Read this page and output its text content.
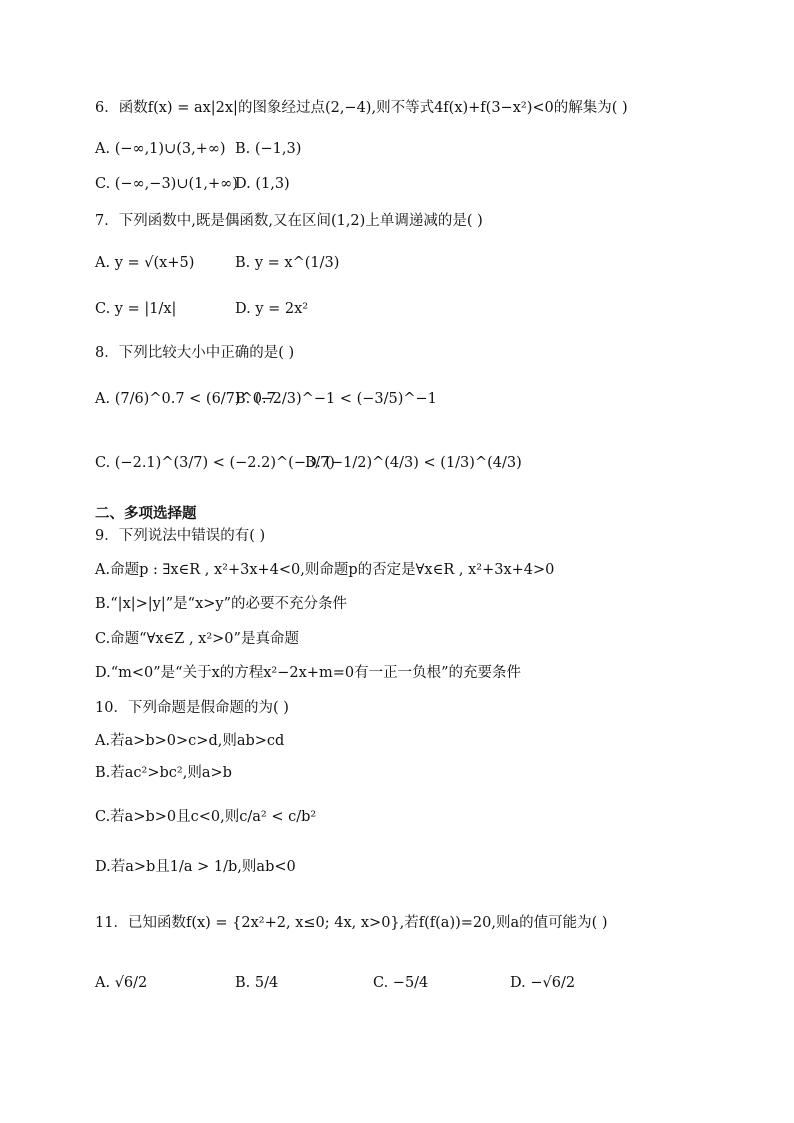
6．函数f(x) = ax|2x|的图象经过点(2,−4),则不等式4f(x)+f(3−x²)<0的解集为( )
A. (−∞,1)∪(3,+∞) B. (−1,3)
C. (−∞,−3)∪(1,+∞)
D. (1,3)
7．下列函数中,既是偶函数,又在区间(1,2)上单调递减的是( )
A. y = √(x+5)	B. y = x^(1/3)
C. y = |1/x|	D. y = 2x²
8．下列比较大小中正确的是( )
A. (7/6)^0.7 < (6/7)^0.7
B. (−2/3)^−1 < (−3/5)^−1
C. (−2.1)^(3/7) < (−2.2)^(−3/7)
D. (−1/2)^(4/3) < (1/3)^(4/3)
二、多项选择题
9．下列说法中错误的有( )
A.命题p : ∃x∈R , x²+3x+4<0,则命题p的否定是∀x∈R , x²+3x+4>0
B.“|x|>|y|”是“x>y”的必要不充分条件
C.命题“∀x∈Z , x²>0”是真命题
D.“m<0”是“关于x的方程x²−2x+m=0有一正一负根”的充要条件
10．下列命题是假命题的为( )
A.若a>b>0>c>d,则ab>cd
B.若ac²>bc²,则a>b
C.若a>b>0且c<0,则c/a² < c/b²
D.若a>b且1/a > 1/b,则ab<0
11．已知函数f(x) = {2x²+2, x≤0; 4x, x>0},若f(f(a))=20,则a的值可能为( )
A. √6/2	B. 5/4	C. −5/4	D. −√6/2
